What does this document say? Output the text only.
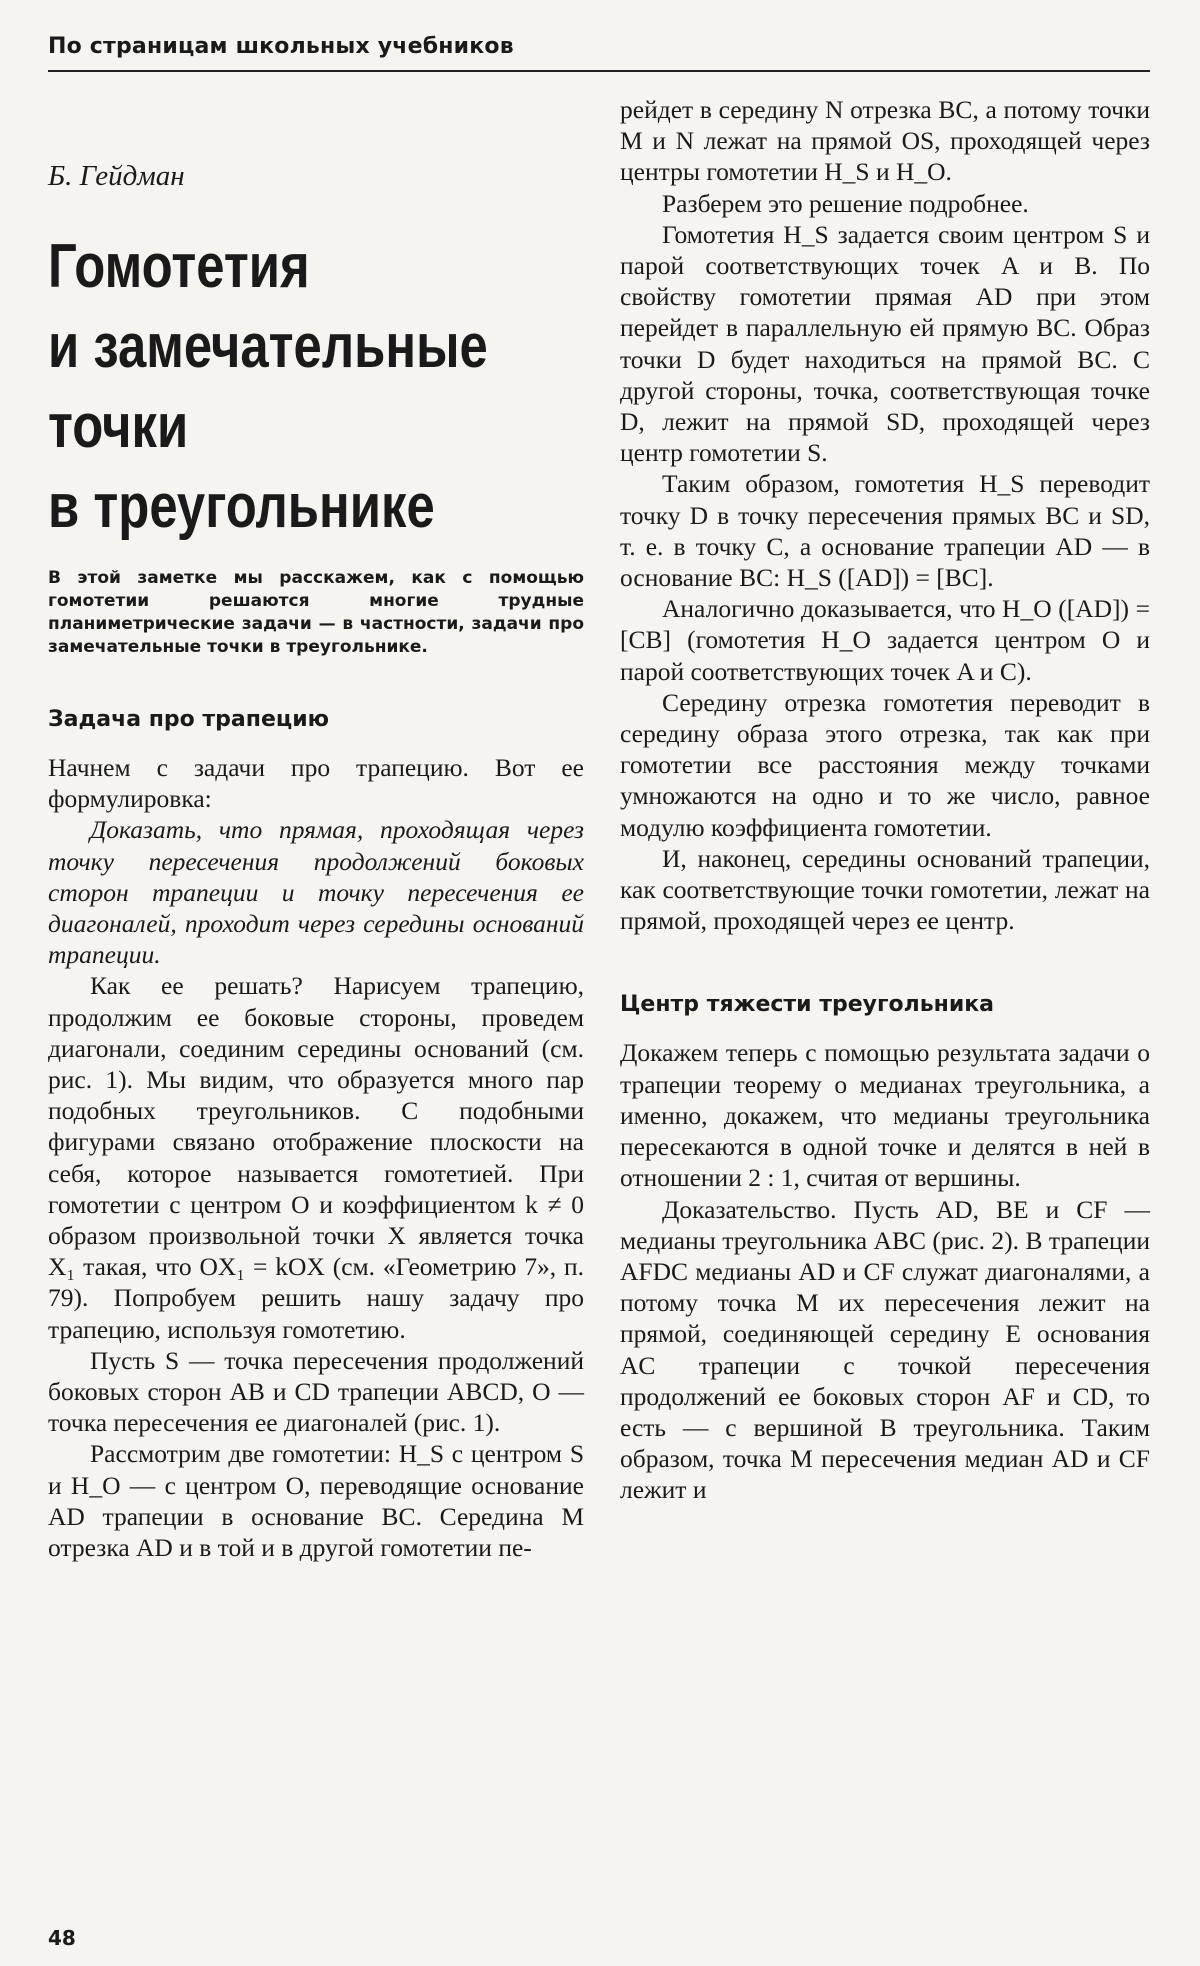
По страницам школьных учебников
Б. Гейдман
Гомотетия
и замечательные
точки
в треугольнике
В этой заметке мы расскажем, как с помощью гомотетии решаются многие трудные планиметрические задачи — в частности, задачи про замечательные точки в треугольнике.
Задача про трапецию

Начнем с задачи про трапецию. Вот ее формулировка:

Доказать, что прямая, проходящая через точку пересечения продолжений боковых сторон трапеции и точку пересечения ее диагоналей, проходит через середины оснований трапеции.

Как ее решать? Нарисуем трапецию, продолжим ее боковые стороны, проведем диагонали, соединим середины оснований (см. рис. 1). Мы видим, что образуется много пар подобных треугольников. С подобными фигурами связано отображение плоскости на себя, которое называется гомотетией. При гомотетии с центром O и коэффициентом k ≠ 0 образом произвольной точки X является точка X₁ такая, что OX₁ = kOX (см. «Геометрию 7», п. 79). Попробуем решить нашу задачу про трапецию, используя гомотетию.

Пусть S — точка пересечения продолжений боковых сторон AB и CD трапеции ABCD, O — точка пересечения ее диагоналей (рис. 1).

Рассмотрим две гомотетии: H_S с центром S и H_O — с центром O, переводящие основание AD трапеции в основание BC. Середина M отрезка AD и в той и в другой гомотетии пе-

рейдет в середину N отрезка BC, а потому точки M и N лежат на прямой OS, проходящей через центры гомотетии H_S и H_O.

Разберем это решение подробнее.

Гомотетия H_S задается своим центром S и парой соответствующих точек A и B. По свойству гомотетии прямая AD при этом перейдет в параллельную ей прямую BC. Образ точки D будет находиться на прямой BC. С другой стороны, точка, соответствующая точке D, лежит на прямой SD, проходящей через центр гомотетии S.

Таким образом, гомотетия H_S переводит точку D в точку пересечения прямых BC и SD, т. е. в точку C, а основание трапеции AD — в основание BC: H_S ([AD]) = [BC].

Аналогично доказывается, что H_O ([AD]) = [CB] (гомотетия H_O задается центром O и парой соответствующих точек A и C).

Середину отрезка гомотетия переводит в середину образа этого отрезка, так как при гомотетии все расстояния между точками умножаются на одно и то же число, равное модулю коэффициента гомотетии.

И, наконец, середины оснований трапеции, как соответствующие точки гомотетии, лежат на прямой, проходящей через ее центр.

Центр тяжести треугольника

Докажем теперь с помощью результата задачи о трапеции теорему о медианах треугольника, а именно, докажем, что медианы треугольника пересекаются в одной точке и делятся в ней в отношении 2 : 1, считая от вершины.

Доказательство. Пусть AD, BE и CF — медианы треугольника ABC (рис. 2). В трапеции AFDC медианы AD и CF служат диагоналями, а потому точка M их пересечения лежит на прямой, соединяющей середину E основания AC трапеции с точкой пересечения продолжений ее боковых сторон AF и CD, то есть — с вершиной B треугольника. Таким образом, точка M пересечения медиан AD и CF лежит и

48
